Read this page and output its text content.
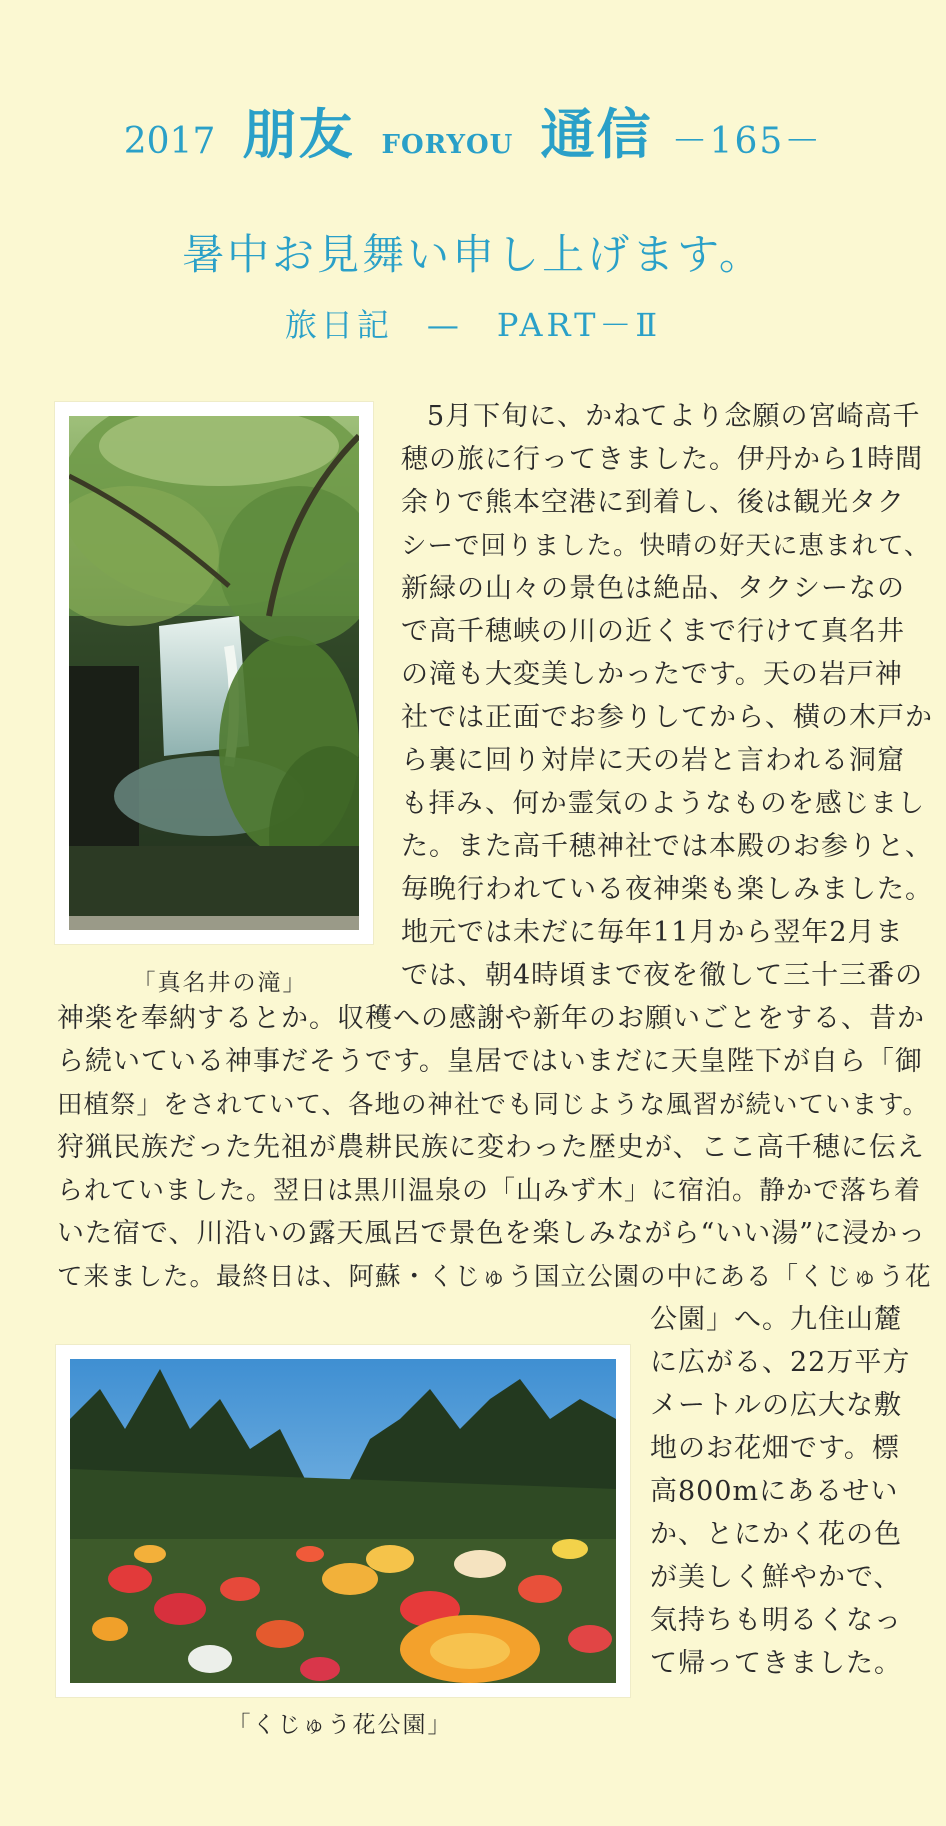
2017 朋友 FORYOU 通信 －165－
暑中お見舞い申し上げます。
旅日記 — PART－Ⅱ
「真名井の滝」
「くじゅう花公園」
5月下旬に、かねてより念願の宮崎高千
穂の旅に行ってきました。伊丹から1時間
余りで熊本空港に到着し、後は観光タク
シーで回りました。快晴の好天に恵まれて、
新緑の山々の景色は絶品、タクシーなの
で高千穂峡の川の近くまで行けて真名井
の滝も大変美しかったです。天の岩戸神
社では正面でお参りしてから、横の木戸か
ら裏に回り対岸に天の岩と言われる洞窟
も拝み、何か霊気のようなものを感じまし
た。また高千穂神社では本殿のお参りと、
毎晩行われている夜神楽も楽しみました。
地元では未だに毎年11月から翌年2月ま
では、朝4時頃まで夜を徹して三十三番の
神楽を奉納するとか。収穫への感謝や新年のお願いごとをする、昔か
ら続いている神事だそうです。皇居ではいまだに天皇陛下が自ら「御
田植祭」をされていて、各地の神社でも同じような風習が続いています。
狩猟民族だった先祖が農耕民族に変わった歴史が、ここ高千穂に伝え
られていました。翌日は黒川温泉の「山みず木」に宿泊。静かで落ち着
いた宿で、川沿いの露天風呂で景色を楽しみながら“いい湯”に浸かっ
て来ました。最終日は、阿蘇・くじゅう国立公園の中にある「くじゅう花
公園」へ。九住山麓
に広がる、22万平方
メートルの広大な敷
地のお花畑です。標
高800mにあるせい
か、とにかく花の色
が美しく鮮やかで、
気持ちも明るくなっ
て帰ってきました。
